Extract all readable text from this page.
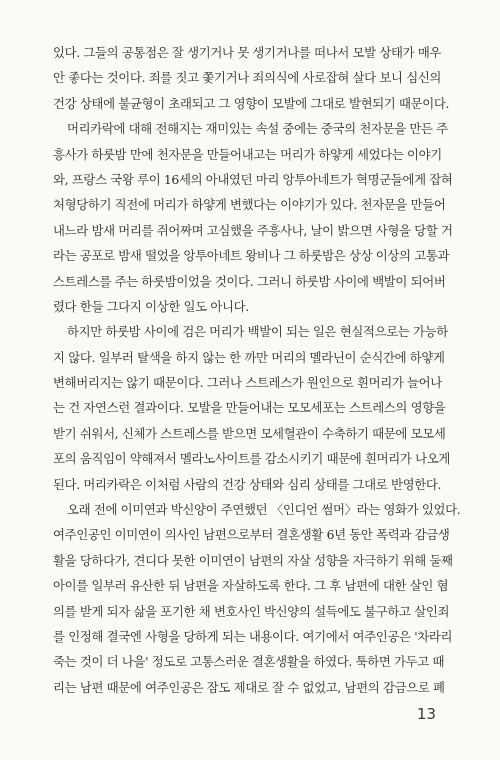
있다. 그들의 공통점은 잘 생기거나 못 생기거나를 떠나서 모발 상태가 매우
안 좋다는 것이다. 죄를 짓고 쫓기거나 죄의식에 사로잡혀 살다 보니 심신의
건강 상태에 불균형이 초래되고 그 영향이 모발에 그대로 발현되기 때문이다.
머리카락에 대해 전해지는 재미있는 속설 중에는 중국의 천자문을 만든 주
흥사가 하룻밤 만에 천자문을 만들어내고는 머리가 하얗게 세었다는 이야기
와, 프랑스 국왕 루이 16세의 아내였던 마리 앙투아네트가 혁명군들에게 잡혀
처형당하기 직전에 머리가 하얗게 변했다는 이야기가 있다. 천자문을 만들어
내느라 밤새 머리를 쥐어짜며 고심했을 주흥사나, 날이 밝으면 사형을 당할 거
라는 공포로 밤새 떨었을 앙투아네트 왕비나 그 하룻밤은 상상 이상의 고통과
스트레스를 주는 하룻밤이었을 것이다. 그러니 하룻밤 사이에 백발이 되어버
렸다 한들 그다지 이상한 일도 아니다.
하지만 하룻밤 사이에 검은 머리가 백발이 되는 일은 현실적으로는 가능하
지 않다. 일부러 탈색을 하지 않는 한 까만 머리의 멜라닌이 순식간에 하얗게
변해버리지는 않기 때문이다. 그러나 스트레스가 원인으로 흰머리가 늘어나
는 건 자연스런 결과이다. 모발을 만들어내는 모모세포는 스트레스의 영향을
받기 쉬워서, 신체가 스트레스를 받으면 모세혈관이 수축하기 때문에 모모세
포의 움직임이 약해져서 멜라노사이트를 감소시키기 때문에 흰머리가 나오게
된다. 머리카락은 이처럼 사람의 건강 상태와 심리 상태를 그대로 반영한다.
오래 전에 이미연과 박신양이 주연했던 〈인디언 썸머〉라는 영화가 있었다.
여주인공인 이미연이 의사인 남편으로부터 결혼생활 6년 동안 폭력과 감금생
활을 당하다가, 견디다 못한 이미연이 남편의 자살 성향을 자극하기 위해 둘째
아이를 일부러 유산한 뒤 남편을 자살하도록 한다. 그 후 남편에 대한 살인 혐
의를 받게 되자 삶을 포기한 채 변호사인 박신양의 설득에도 불구하고 살인죄
를 인정해 결국엔 사형을 당하게 되는 내용이다. 여기에서 여주인공은 '차라리
죽는 것이 더 나을' 정도로 고통스러운 결혼생활을 하였다. 툭하면 가두고 때
리는 남편 때문에 여주인공은 잠도 제대로 잘 수 없었고, 남편의 감금으로 폐
13
